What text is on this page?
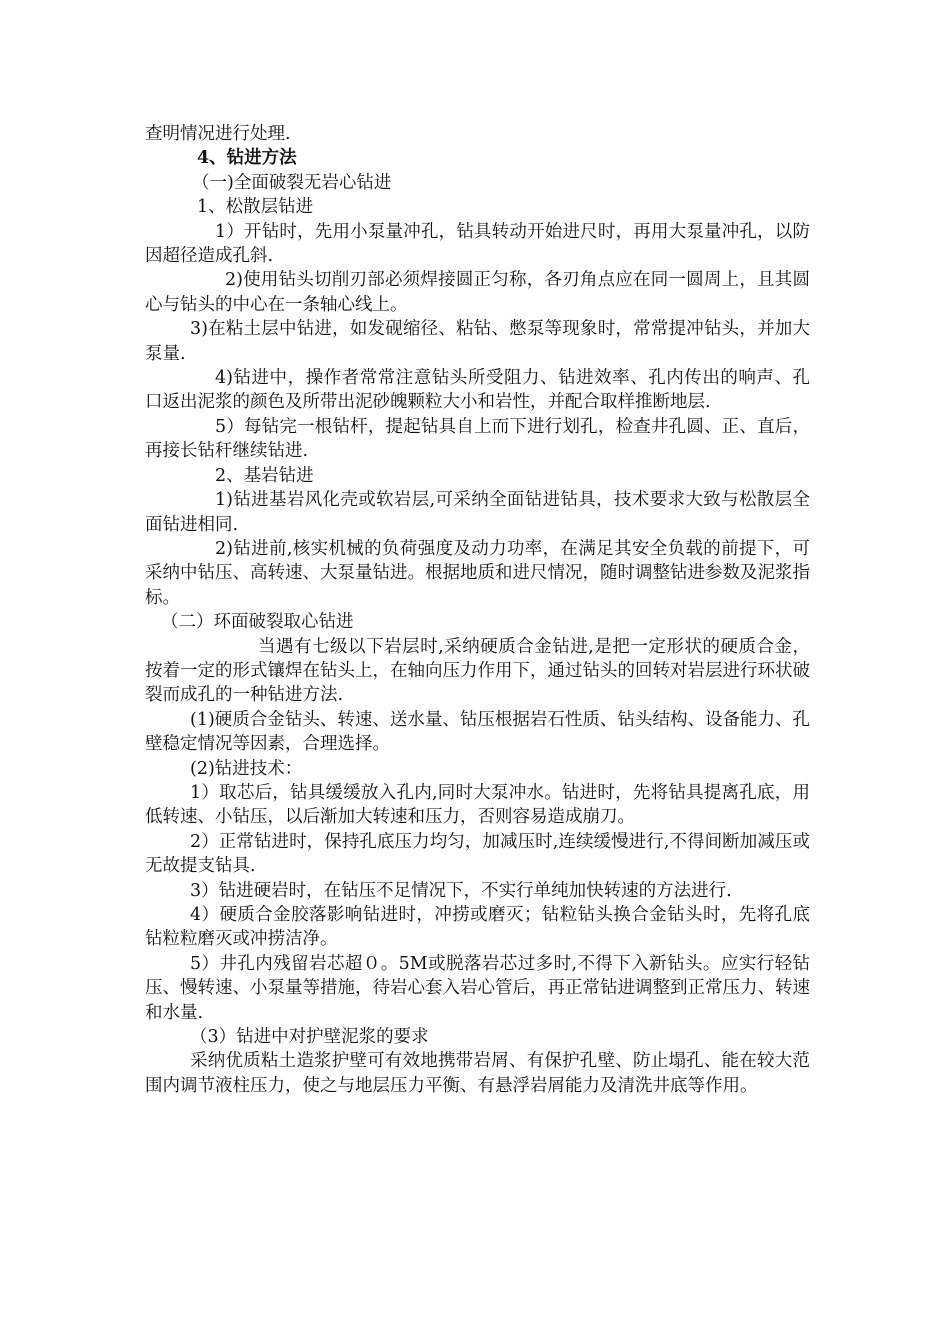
查明情况进行处理.

4、钻进方法

（一)全面破裂无岩心钻进

1、松散层钻进

1）开钻时，先用小泵量冲孔，钻具转动开始进尺时，再用大泵量冲孔，以防因超径造成孔斜.

2)使用钻头切削刃部必须焊接圆正匀称，各刃角点应在同一圆周上，且其圆心与钻头的中心在一条轴心线上。

3)在粘土层中钻进，如发砚缩径、粘钻、憋泵等现象时，常常提冲钻头，并加大泵量.

4)钻进中，操作者常常注意钻头所受阻力、钻进效率、孔内传出的响声、孔口返出泥浆的颜色及所带出泥砂魄颗粒大小和岩性，并配合取样推断地层.

5）每钻完一根钻杆，提起钻具自上而下进行划孔，检查井孔圆、正、直后，再接长钻秆继续钻进.

2、基岩钻进

1)钻进基岩风化壳或软岩层,可采纳全面钻进钻具，技术要求大致与松散层全面钻进相同.

2)钻进前,核实机械的负荷强度及动力功率，在满足其安全负载的前提下，可采纳中钻压、高转速、大泵量钻进。根据地质和进尺情况，随时调整钻进参数及泥浆指标。

（二）环面破裂取心钻进

当遇有七级以下岩层时,采纳硬质合金钻进,是把一定形状的硬质合金，按着一定的形式镶焊在钻头上，在轴向压力作用下，通过钻头的回转对岩层进行环状破裂而成孔的一种钻进方法.

(1)硬质合金钻头、转速、送水量、钻压根据岩石性质、钻头结构、设备能力、孔壁稳定情况等因素，合理选择。

(2)钻进技术：

1）取芯后，钻具缓缓放入孔内,同时大泵冲水。钻进时，先将钻具提离孔底，用低转速、小钻压，以后渐加大转速和压力，否则容易造成崩刀。

2）正常钻进时，保持孔底压力均匀，加减压时,连续缓慢进行,不得间断加减压或无故提支钻具.

3）钻进硬岩时，在钻压不足情况下，不实行单纯加快转速的方法进行.

4）硬质合金胶落影响钻进时，冲捞或磨灭；钻粒钻头换合金钻头时，先将孔底钻粒粒磨灭或冲捞洁净。

5）井孔内残留岩芯超０。5M或脱落岩芯过多时,不得下入新钻头。应实行轻钻压、慢转速、小泵量等措施，待岩心套入岩心管后，再正常钻进调整到正常压力、转速和水量.

（3）钻进中对护壁泥浆的要求

采纳优质粘土造浆护壁可有效地携带岩屑、有保护孔壁、防止塌孔、能在较大范围内调节液柱压力，使之与地层压力平衡、有悬浮岩屑能力及清洗井底等作用。
